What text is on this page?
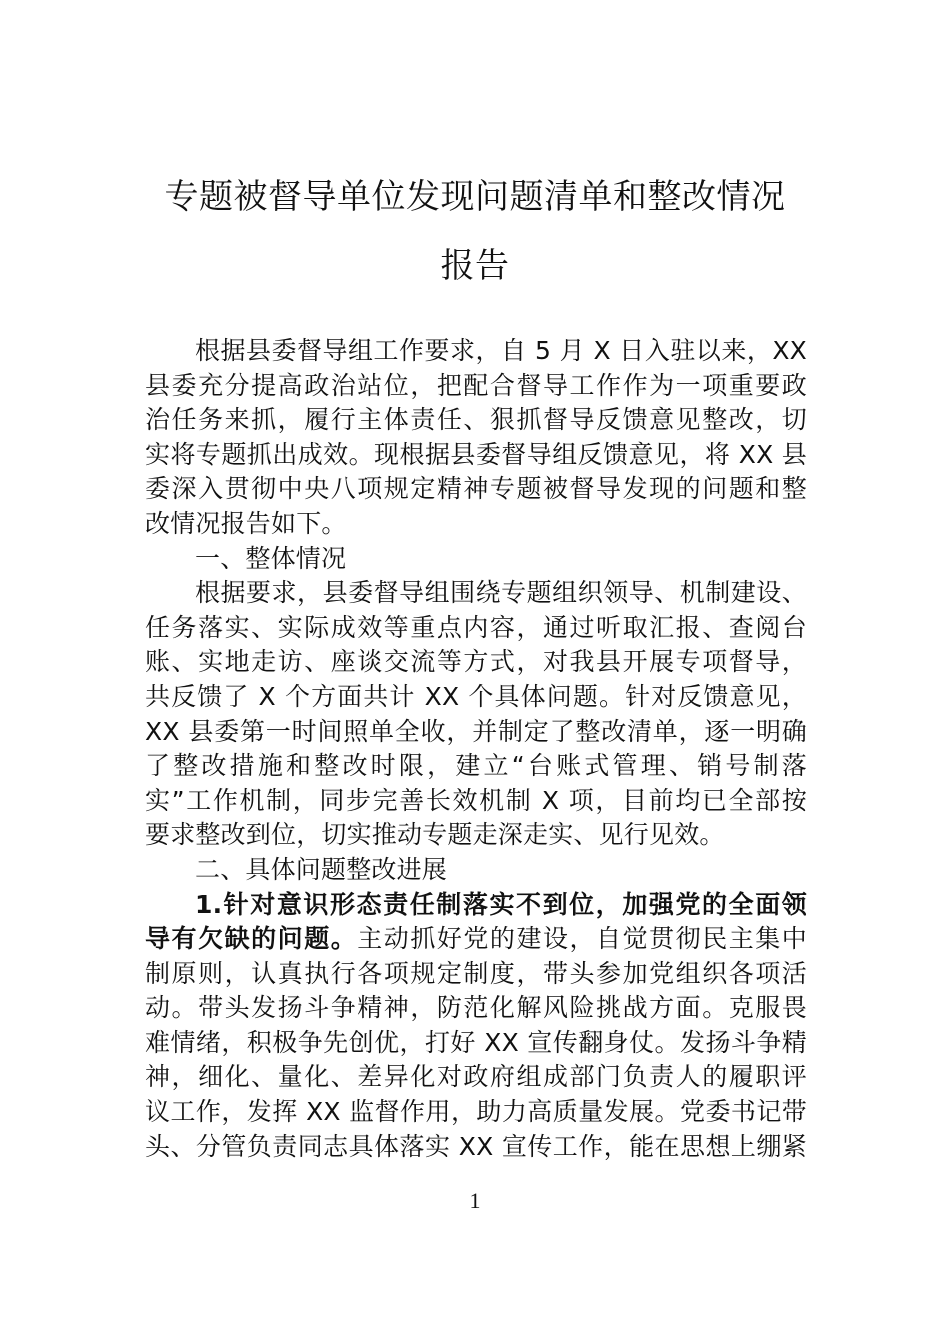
专题被督导单位发现问题清单和整改情况
报告
根据县委督导组工作要求，自 5 月 X 日入驻以来，XX
县委充分提高政治站位，把配合督导工作作为一项重要政
治任务来抓，履行主体责任、狠抓督导反馈意见整改，切
实将专题抓出成效。现根据县委督导组反馈意见，将 XX 县
委深入贯彻中央八项规定精神专题被督导发现的问题和整
改情况报告如下。
一、整体情况
根据要求，县委督导组围绕专题组织领导、机制建设、
任务落实、实际成效等重点内容，通过听取汇报、查阅台
账、实地走访、座谈交流等方式，对我县开展专项督导，
共反馈了 X 个方面共计 XX 个具体问题。针对反馈意见，
XX 县委第一时间照单全收，并制定了整改清单，逐一明确
了整改措施和整改时限，建立“台账式管理、销号制落
实”工作机制，同步完善长效机制 X 项，目前均已全部按
要求整改到位，切实推动专题走深走实、见行见效。
二、具体问题整改进展
1.针对意识形态责任制落实不到位，加强党的全面领
导有欠缺的问题。主动抓好党的建设，自觉贯彻民主集中
制原则，认真执行各项规定制度，带头参加党组织各项活
动。带头发扬斗争精神，防范化解风险挑战方面。克服畏
难情绪，积极争先创优，打好 XX 宣传翻身仗。发扬斗争精
神，细化、量化、差异化对政府组成部门负责人的履职评
议工作，发挥 XX 监督作用，助力高质量发展。党委书记带
头、分管负责同志具体落实 XX 宣传工作，能在思想上绷紧
1
